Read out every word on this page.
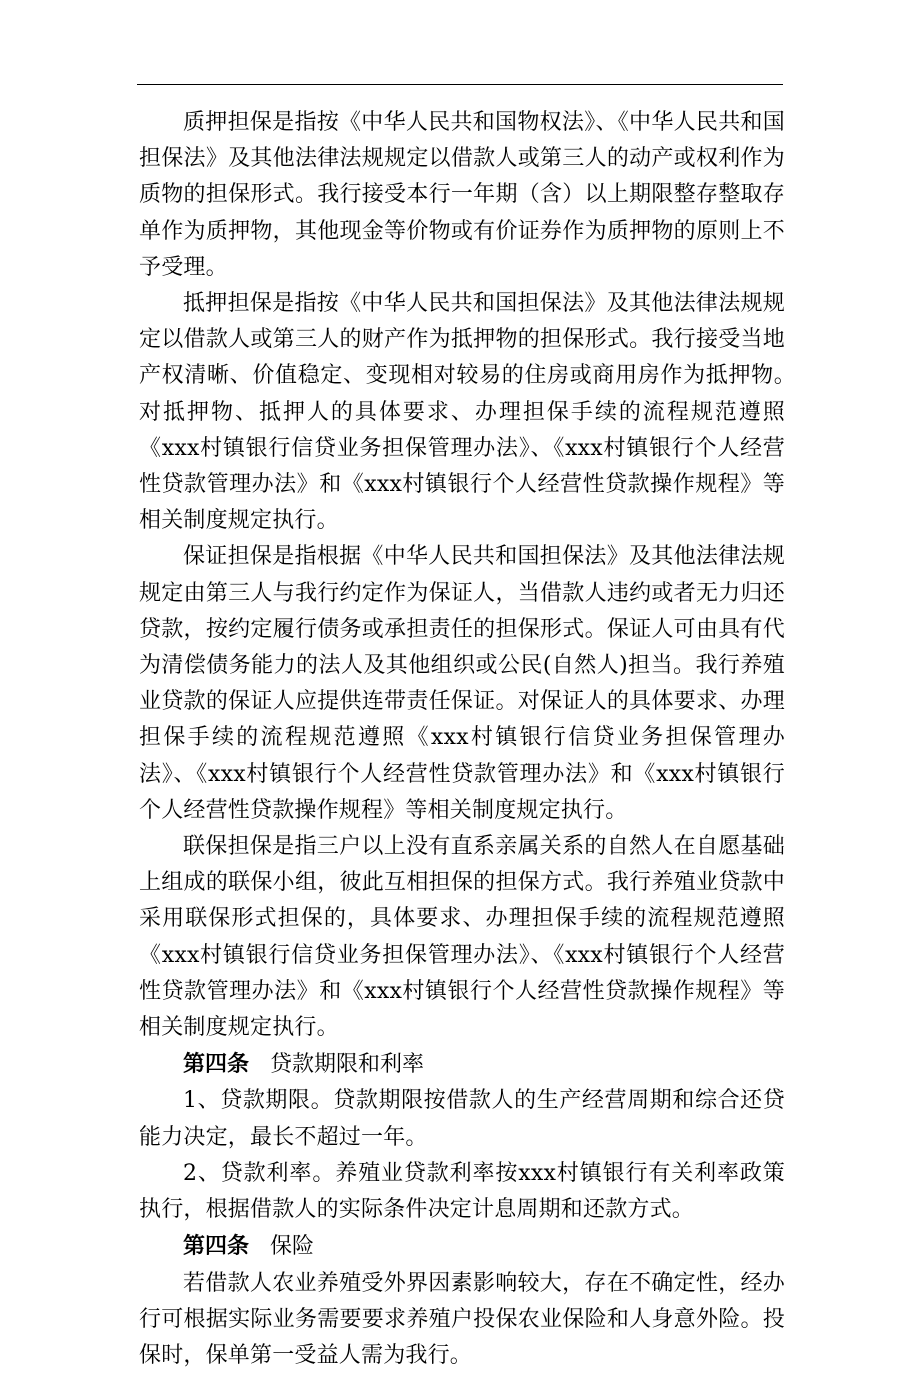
质押担保是指按《中华人民共和国物权法》、《中华人民共和国担保法》及其他法律法规规定以借款人或第三人的动产或权利作为质物的担保形式。我行接受本行一年期（含）以上期限整存整取存单作为质押物，其他现金等价物或有价证券作为质押物的原则上不予受理。

抵押担保是指按《中华人民共和国担保法》及其他法律法规规定以借款人或第三人的财产作为抵押物的担保形式。我行接受当地产权清晰、价值稳定、变现相对较易的住房或商用房作为抵押物。　对抵押物、抵押人的具体要求、办理担保手续的流程规范遵照《xxx村镇银行信贷业务担保管理办法》、《xxx村镇银行个人经营性贷款管理办法》和《xxx村镇银行个人经营性贷款操作规程》等相关制度规定执行。

保证担保是指根据《中华人民共和国担保法》及其他法律法规规定由第三人与我行约定作为保证人，当借款人违约或者无力归还贷款，按约定履行债务或承担责任的担保形式。保证人可由具有代为清偿债务能力的法人及其他组织或公民(自然人)担当。我行养殖业贷款的保证人应提供连带责任保证。对保证人的具体要求、办理担保手续的流程规范遵照《xxx村镇银行信贷业务担保管理办法》、《xxx村镇银行个人经营性贷款管理办法》和《xxx村镇银行个人经营性贷款操作规程》等相关制度规定执行。

联保担保是指三户以上没有直系亲属关系的自然人在自愿基础上组成的联保小组，彼此互相担保的担保方式。我行养殖业贷款中采用联保形式担保的，具体要求、办理担保手续的流程规范遵照《xxx村镇银行信贷业务担保管理办法》、《xxx村镇银行个人经营性贷款管理办法》和《xxx村镇银行个人经营性贷款操作规程》等相关制度规定执行。

第四条 贷款期限和利率

1、贷款期限。贷款期限按借款人的生产经营周期和综合还贷能力决定，最长不超过一年。

2、贷款利率。养殖业贷款利率按xxx村镇银行有关利率政策执行，根据借款人的实际条件决定计息周期和还款方式。

第四条 保险

若借款人农业养殖受外界因素影响较大，存在不确定性，经办行可根据实际业务需要要求养殖户投保农业保险和人身意外险。投保时，保单第一受益人需为我行。
